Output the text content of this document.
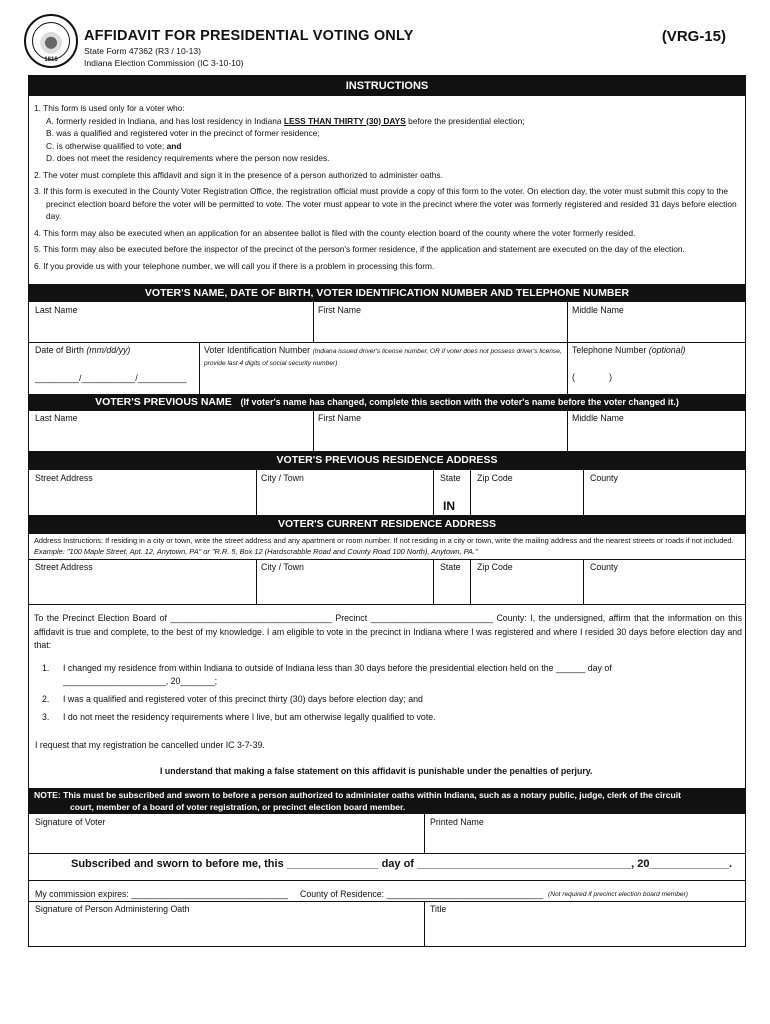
1816
AFFIDAVIT FOR PRESIDENTIAL VOTING ONLY	(VRG-15)
State Form 47362 (R3 / 10-13)
Indiana Election Commission (IC 3-10-10)
INSTRUCTIONS
1. This form is used only for a voter who:
A. formerly resided in Indiana, and has lost residency in Indiana LESS THAN THIRTY (30) DAYS before the presidential election;
B. was a qualified and registered voter in the precinct of former residence;
C. is otherwise qualified to vote; and
D. does not meet the residency requirements where the person now resides.
2. The voter must complete this affidavit and sign it in the presence of a person authorized to administer oaths.
3. If this form is executed in the County Voter Registration Office, the registration official must provide a copy of this form to the voter. On election day, the voter must submit this copy to the precinct election board before the voter will be permitted to vote. The voter must appear to vote in the precinct where the voter was formerly registered and resided 31 days before election day.
4. This form may also be executed when an application for an absentee ballot is filed with the county election board of the county where the voter formerly resided.
5. This form may also be executed before the inspector of the precinct of the person's former residence, if the application and statement are executed on the day of the election.
6. If you provide us with your telephone number, we will call you if there is a problem in processing this form.
VOTER'S NAME, DATE OF BIRTH, VOTER IDENTIFICATION NUMBER AND TELEPHONE NUMBER
Last Name	First Name	Middle Name
Date of Birth (mm/dd/yy)
_________/___________/__________
Voter Identification Number (Indiana issued driver's license number, OR if voter does not possess driver's license, provide last 4 digits of social security number)
Telephone Number (optional)
(              )
VOTER'S PREVIOUS NAME (If voter's name has changed, complete this section with the voter's name before the voter changed it.)
Last Name	First Name	Middle Name
VOTER'S PREVIOUS RESIDENCE ADDRESS
Street Address	City / Town	State
IN
Zip Code	County
VOTER'S CURRENT RESIDENCE ADDRESS
Address Instructions: If residing in a city or town, write the street address and any apartment or room number. If not residing in a city or town, write the mailing address and the nearest streets or roads if not included. Example: "100 Maple Street, Apt. 12, Anytown, PA" or "R.R. 5, Box 12 (Hardscrabble Road and County Road 100 North), Anytown, PA."
Street Address	City / Town	State Zip Code	County
To the Precinct Election Board of _________________________________ Precinct _________________________ County: I, the undersigned, affirm that the information on this affidavit is true and complete, to the best of my knowledge. I am eligible to vote in the precinct in Indiana where I was registered and where I resided 30 days before election day and that:
1. I changed my residence from within Indiana to outside of Indiana less than 30 days before the presidential election held on the ______ day of
_____________________, 20_______;
2. I was a qualified and registered voter of this precinct thirty (30) days before election day; and
3. I do not meet the residency requirements where I live, but am otherwise legally qualified to vote.
I request that my registration be cancelled under IC 3-7-39.
I understand that making a false statement on this affidavit is punishable under the penalties of perjury.
NOTE: This must be subscribed and sworn to before a person authorized to administer oaths within Indiana, such as a notary public, judge, clerk of the circuit
court, member of a board of voter registration, or precinct election board member.
Signature of Voter	Printed Name
Subscribed and sworn to before me, this _______________ day of ___________________________________, 20_____________.
My commission expires: ________________________________ County of Residence: ________________________________ (Not required if precinct election board member)
Signature of Person Administering Oath	Title
